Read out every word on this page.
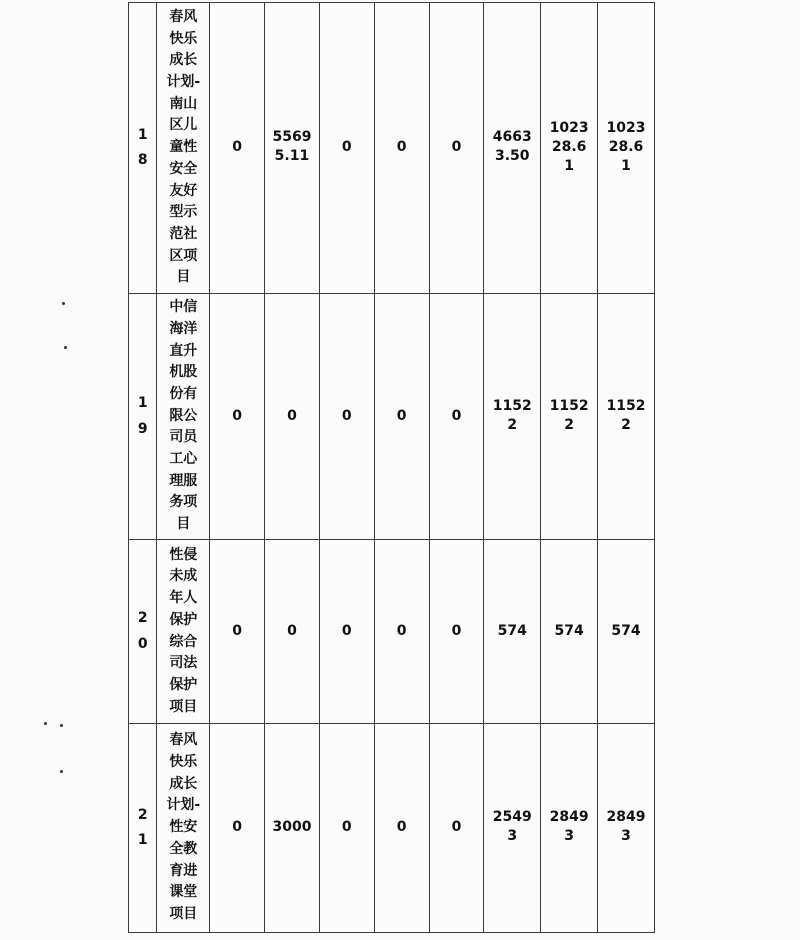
18	春风快乐成长计划-南山区儿童性安全友好型示范社区项目	0	55695.11	0	0	0	46633.50	102328.61	102328.61
19	中信海洋直升机股份有限公司员工心理服务项目	0	0	0	0	0	11522	11522	11522
20	性侵未成年人保护综合司法保护项目	0	0	0	0	0	574	574	574
21	春风快乐成长计划-性安全教育进课堂项目	0	3000	0	0	0	25493	28493	28493
